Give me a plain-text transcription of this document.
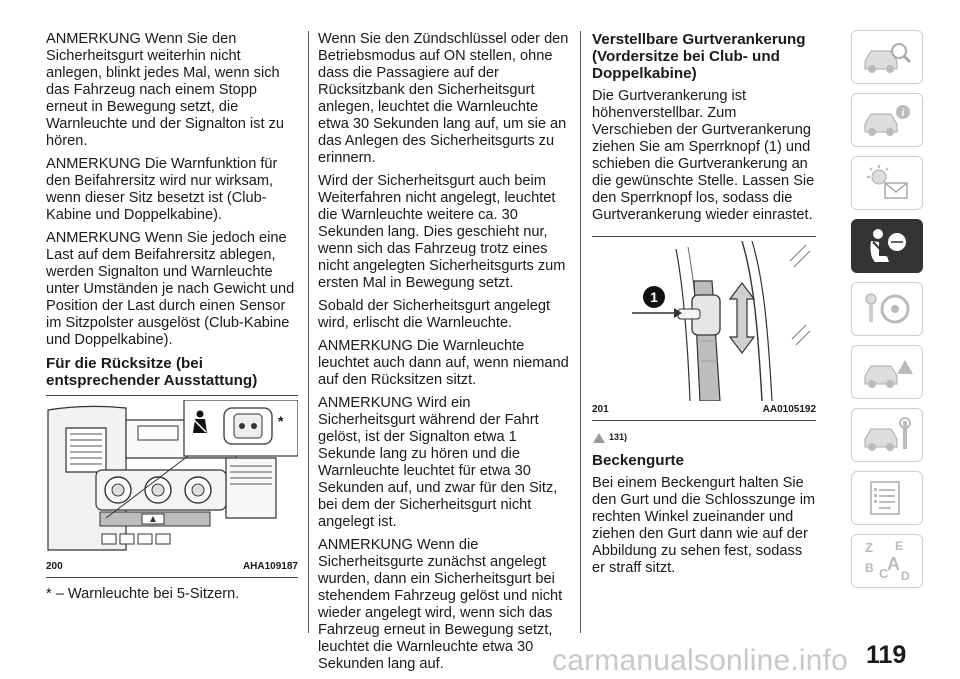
ANMERKUNG Wenn Sie den Sicherheitsgurt weiterhin nicht anlegen, blinkt jedes Mal, wenn sich das Fahrzeug nach einem Stopp erneut in Bewegung setzt, die Warnleuchte und der Signalton ist zu hören.

ANMERKUNG Die Warnfunktion für den Beifahrersitz wird nur wirksam, wenn dieser Sitz besetzt ist (Club-Kabine und Doppelkabine).

ANMERKUNG Wenn Sie jedoch eine Last auf dem Beifahrersitz ablegen, werden Signalton und Warnleuchte unter Umständen je nach Gewicht und Position der Last durch einen Sensor im Sitzpolster ausgelöst (Club-Kabine und Doppelkabine).

Für die Rücksitze (bei entsprechender Ausstattung)
*
200	AHA109187

* – Warnleuchte bei 5-Sitzern.

Wenn Sie den Zündschlüssel oder den Betriebsmodus auf ON stellen, ohne dass die Passagiere auf der Rücksitzbank den Sicherheitsgurt anlegen, leuchtet die Warnleuchte etwa 30 Sekunden lang auf, um sie an das Anlegen des Sicherheitsgurts zu erinnern.

Wird der Sicherheitsgurt auch beim Weiterfahren nicht angelegt, leuchtet die Warnleuchte weitere ca. 30 Sekunden lang. Dies geschieht nur, wenn sich das Fahrzeug trotz eines nicht angelegten Sicherheitsgurts zum ersten Mal in Bewegung setzt.

Sobald der Sicherheitsgurt angelegt wird, erlischt die Warnleuchte.

ANMERKUNG Die Warnleuchte leuchtet auch dann auf, wenn niemand auf den Rücksitzen sitzt.

ANMERKUNG Wird ein Sicherheitsgurt während der Fahrt gelöst, ist der Signalton etwa 1 Sekunde lang zu hören und die Warnleuchte leuchtet für etwa 30 Sekunden auf, und zwar für den Sitz, bei dem der Sicherheitsgurt nicht angelegt ist.

ANMERKUNG Wenn die Sicherheitsgurte zunächst angelegt wurden, dann ein Sicherheitsgurt bei stehendem Fahrzeug gelöst und nicht wieder angelegt wird, wenn sich das Fahrzeug erneut in Bewegung setzt, leuchtet die Warnleuchte etwa 30 Sekunden lang auf.

Verstellbare Gurtverankerung (Vordersitze bei Club- und Doppelkabine)

Die Gurtverankerung ist höhenverstellbar. Zum Verschieben der Gurtverankerung ziehen Sie am Sperrknopf (1) und schieben die Gurtverankerung an die gewünschte Stelle. Lassen Sie den Sperrknopf los, sodass die Gurtverankerung wieder einrastet.

1
201	AA0105192
131)
Beckengurte

Bei einem Beckengurt halten Sie den Gurt und die Schlosszunge im rechten Winkel zueinander und ziehen den Gurt dann wie auf der Abbildung zu sehen fest, sodass er straff sitzt.

i
Z E
B C
A
D
carmanualsonline.info 119
